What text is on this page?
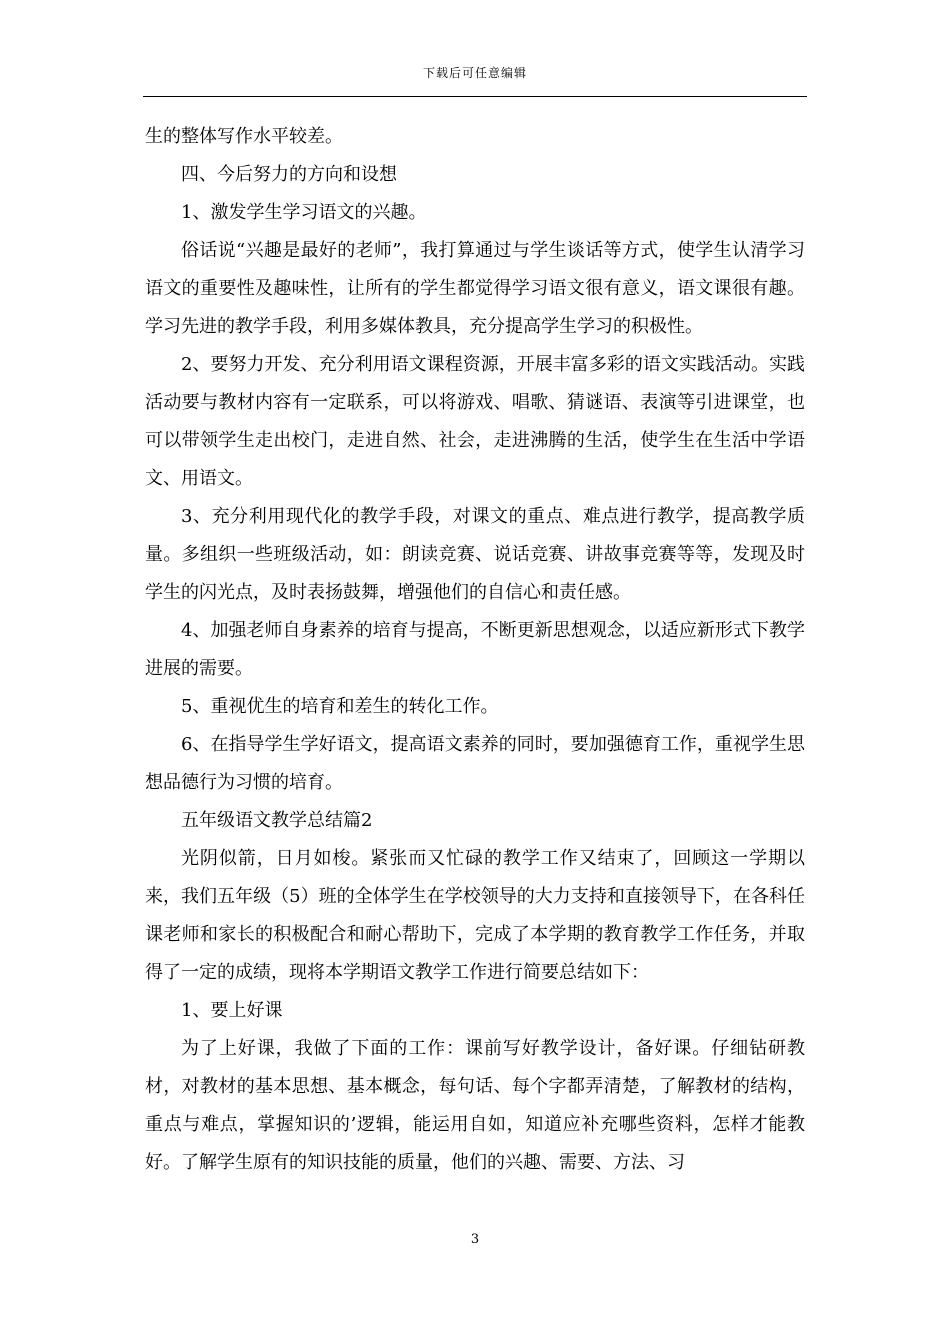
下载后可任意编辑

生的整体写作水平较差。

四、今后努力的方向和设想

1、激发学生学习语文的兴趣。

俗话说“兴趣是最好的老师”，我打算通过与学生谈话等方式，使学生认清学习语文的重要性及趣味性，让所有的学生都觉得学习语文很有意义，语文课很有趣。学习先进的教学手段，利用多媒体教具，充分提高学生学习的积极性。

2、要努力开发、充分利用语文课程资源，开展丰富多彩的语文实践活动。实践活动要与教材内容有一定联系，可以将游戏、唱歌、猜谜语、表演等引进课堂，也可以带领学生走出校门，走进自然、社会，走进沸腾的生活，使学生在生活中学语文、用语文。

3、充分利用现代化的教学手段，对课文的重点、难点进行教学，提高教学质量。多组织一些班级活动，如：朗读竞赛、说话竞赛、讲故事竞赛等等，发现及时学生的闪光点，及时表扬鼓舞，增强他们的自信心和责任感。

4、加强老师自身素养的培育与提高，不断更新思想观念，以适应新形式下教学进展的需要。

5、重视优生的培育和差生的转化工作。

6、在指导学生学好语文，提高语文素养的同时，要加强德育工作，重视学生思想品德行为习惯的培育。

五年级语文教学总结篇2

光阴似箭，日月如梭。紧张而又忙碌的教学工作又结束了，回顾这一学期以来，我们五年级（5）班的全体学生在学校领导的大力支持和直接领导下，在各科任课老师和家长的积极配合和耐心帮助下，完成了本学期的教育教学工作任务，并取得了一定的成绩，现将本学期语文教学工作进行简要总结如下：

1、要上好课

为了上好课，我做了下面的工作：课前写好教学设计，备好课。仔细钻研教材，对教材的基本思想、基本概念，每句话、每个字都弄清楚，了解教材的结构，重点与难点，掌握知识的’逻辑，能运用自如，知道应补充哪些资料，怎样才能教好。了解学生原有的知识技能的质量，他们的兴趣、需要、方法、习

3
